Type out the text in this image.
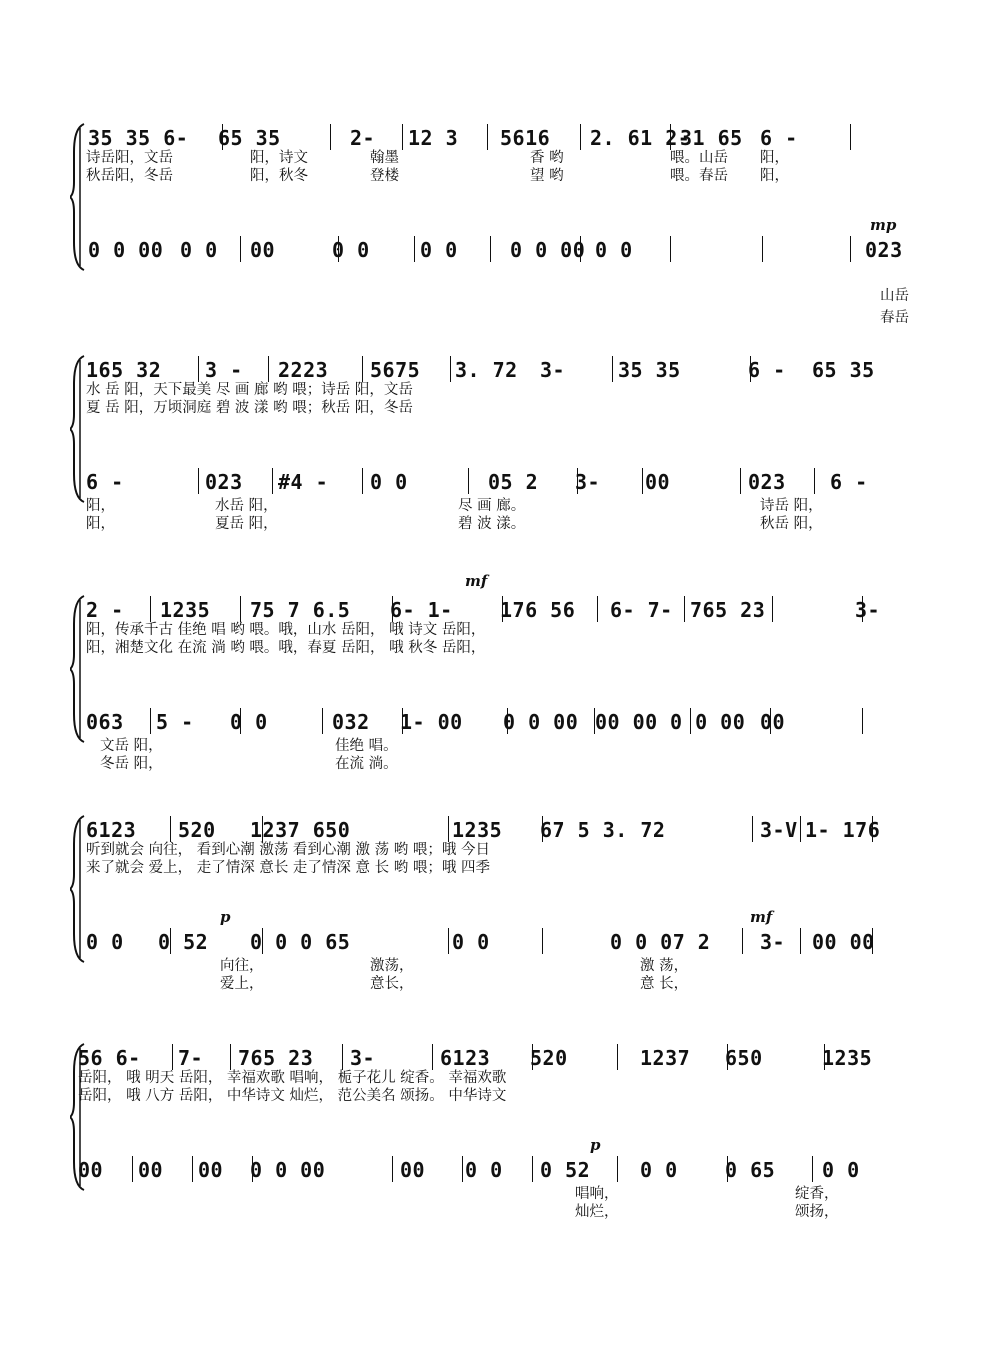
35 35 6- 65 35	2- 12 3 5616 2. 61 2-
31 65 6 -
诗岳阳，文岳	阳，诗文	翰墨	香 哟	喂。山岳 阳，
秋岳阳，冬岳	阳，秋冬	登楼	望 哟	喂。春岳 阳，
0 0 00 0 0 00	0 0	0 0	0 0 00 0 0	023
山岳
春岳
mp
165 32 3 - 2223 5675 3. 72 3-	35 35	6 - 65 35
水 岳 阳，天下最美 尽 画 廊 哟 喂；诗岳 阳，文岳
夏 岳 阳，万顷洞庭 碧 波 漾 哟 喂；秋岳 阳，冬岳
6 -	023 #4 - 0 0	05 2 3- 00	023 6 -
阳，	水岳 阳，	尽 画 廊。	诗岳 阳，
阳，	夏岳 阳，	碧 波 漾。	秋岳 阳，
2 - 1235 75 7 6.5 6- 1- 176 56 6- 7- 765 23	3-
阳，传承千古 佳绝 唱 哟 喂。哦，山水 岳阳， 哦 诗文 岳阳，
阳，湘楚文化 在流 淌 哟 喂。哦，春夏 岳阳， 哦 秋冬 岳阳，
063 5 - 0 0	032 1- 00 0 0 00 00 00 0 0 00 00
文岳 阳，	佳绝 唱。
冬岳 阳，	在流 淌。
mf
6123 520 1237 650	1235 67 5 3. 72	3-V 1- 176
听到就会 向往， 看到心潮 激荡 看到心潮 激 荡 哟 喂；哦 今日
来了就会 爱上， 走了情深 意长 走了情深 意 长 哟 喂；哦 四季
0 0 0 52 0 0 0 65	0 0	0 0 07 2 3- 00 00
向往，	激荡，	激 荡，
爱上，	意长，	意 长，
p	mf
56 6- 7- 765 23 3-	6123 520	1237 650	1235
岳阳， 哦 明天 岳阳， 幸福欢歌 唱响， 栀子花儿 绽香。 幸福欢歌
岳阳， 哦 八方 岳阳， 中华诗文 灿烂， 范公美名 颂扬。 中华诗文
00 00 00 0 0 00	00 0 0 0 52 0 0 0 65 0 0
唱响，	绽香，
灿烂，	颂扬，
p
